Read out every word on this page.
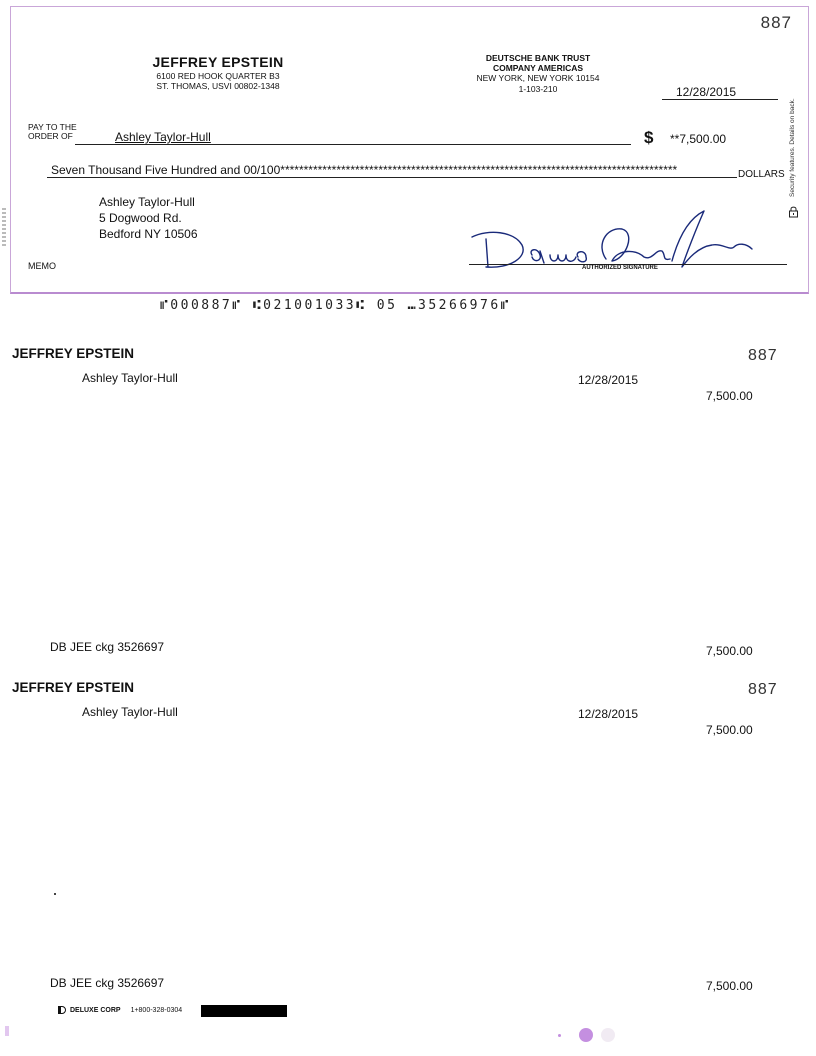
887
JEFFREY EPSTEIN
6100 RED HOOK QUARTER B3
ST. THOMAS, USVI 00802-1348
DEUTSCHE BANK TRUST
COMPANY AMERICAS
NEW YORK, NEW YORK 10154
1-103-210	12/28/2015
PAY TO THE
ORDER OF	Ashley Taylor-Hull	$ **7,500.00
Seven Thousand Five Hundred and 00/100*************************************************************************************	DOLLARS
Ashley Taylor-Hull
5 Dogwood Rd.
Bedford NY 10506
MEMO	AUTHORIZED SIGNATURE
Security features. Details on back.
⑈000887⑈ ⑆021001033⑆ 05 ⑉35266976⑈
JEFFREY EPSTEIN	887
Ashley Taylor-Hull	12/28/2015
7,500.00
DB JEE ckg 3526697	7,500.00
JEFFREY EPSTEIN	887
Ashley Taylor-Hull	12/28/2015
7,500.00
DB JEE ckg 3526697	7,500.00
DELUXE CORP 1+800-328-0304
